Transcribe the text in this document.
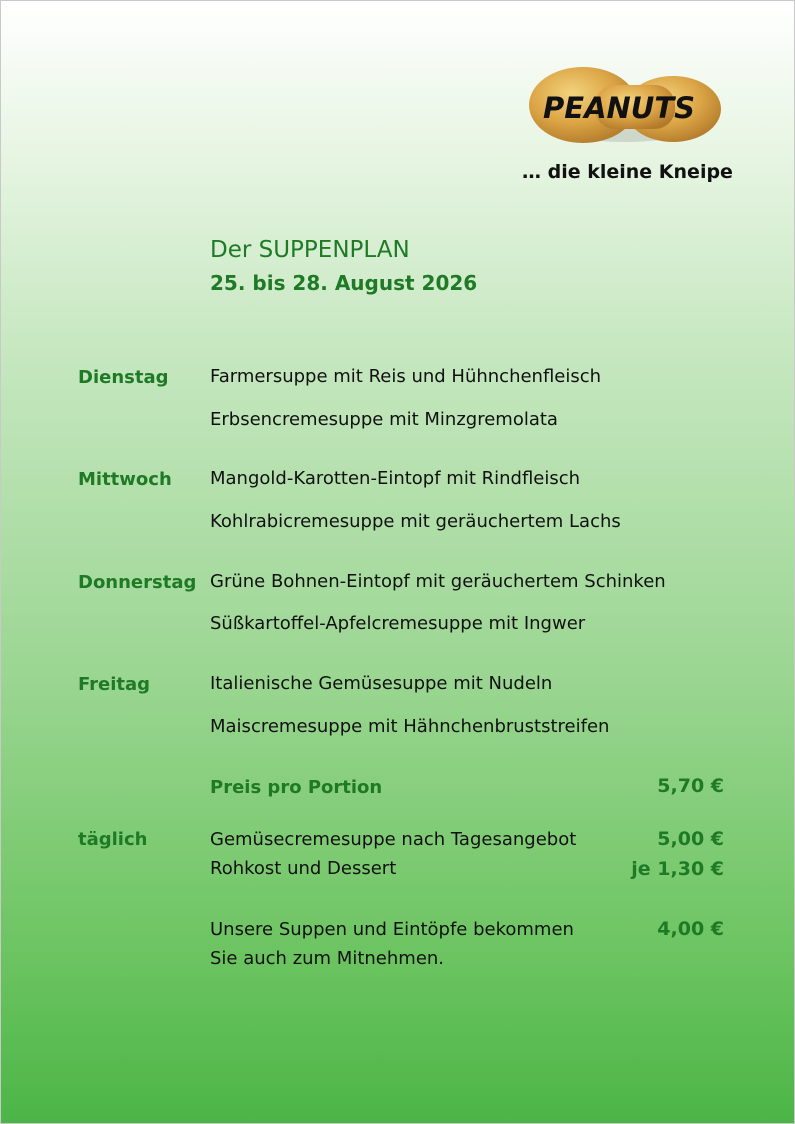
PEANUTS
… die kleine Kneipe
Der SUPPENPLAN
25. bis 28. August 2026
Dienstag Farmersuppe mit Reis und Hühnchenfleisch
Erbsencremesuppe mit Minzgremolata
Mittwoch Mangold-Karotten-Eintopf mit Rindfleisch
Kohlrabicremesuppe mit geräuchertem Lachs
Donnerstag Grüne Bohnen-Eintopf mit geräuchertem Schinken
Süßkartoffel-Apfelcremesuppe mit Ingwer
Freitag	Italienische Gemüsesuppe mit Nudeln
Maiscremesuppe mit Hähnchenbruststreifen
Preis pro Portion	5,70 €
täglich	Gemüsecremesuppe nach Tagesangebot	5,00 €
Rohkost und Dessert	je 1,30 €
Unsere Suppen und Eintöpfe bekommen	4,00 €
Sie auch zum Mitnehmen.
